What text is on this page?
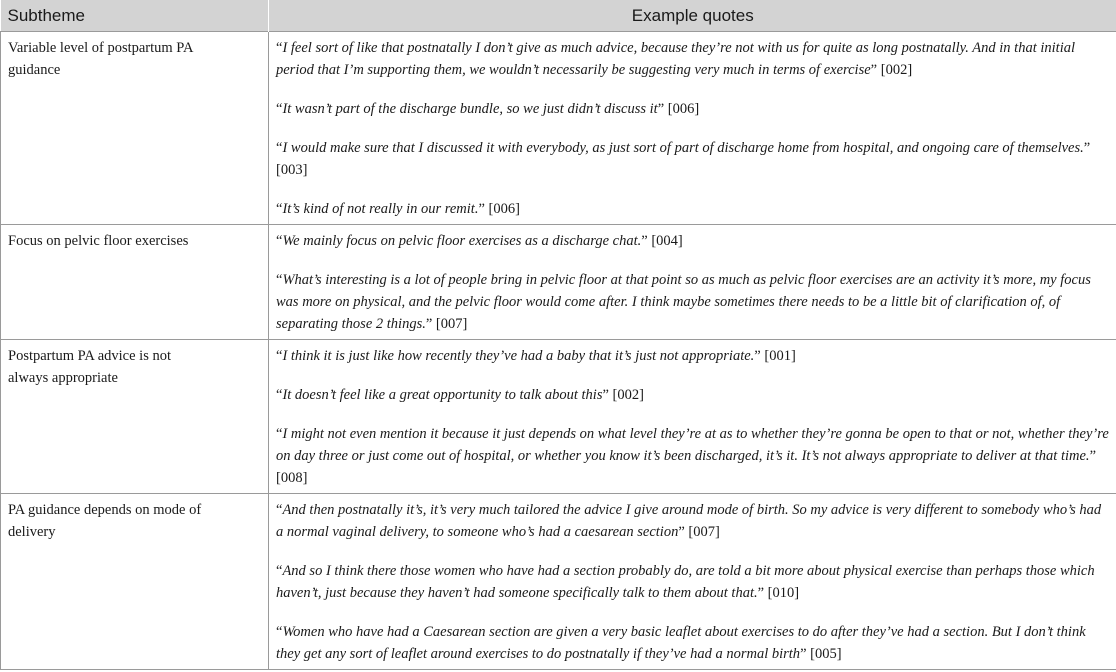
Subtheme	Example quotes

Variable level of postpartum PA guidance	“I feel sort of like that postnatally I don’t give as much advice, because they’re not with us for quite as long postnatally. And in that initial period that I’m supporting them, we wouldn’t necessarily be suggesting very much in terms of exercise” [002]

“It wasn’t part of the discharge bundle, so we just didn’t discuss it” [006]

“I would make sure that I discussed it with everybody, as just sort of part of discharge home from hospital, and ongoing care of themselves.” [003]

“It’s kind of not really in our remit.” [006]

Focus on pelvic floor exercises	“We mainly focus on pelvic floor exercises as a discharge chat.” [004]

“What’s interesting is a lot of people bring in pelvic floor at that point so as much as pelvic floor exercises are an activity it’s more, my focus was more on physical, and the pelvic floor would come after. I think maybe sometimes there needs to be a little bit of clarification of, of separating those 2 things.” [007]

Postpartum PA advice is not always appropriate	“I think it is just like how recently they’ve had a baby that it’s just not appropriate.” [001]

“It doesn’t feel like a great opportunity to talk about this” [002]

“I might not even mention it because it just depends on what level they’re at as to whether they’re gonna be open to that or not, whether they’re on day three or just come out of hospital, or whether you know it’s been discharged, it’s it. It’s not always appropriate to deliver at that time.” [008]

PA guidance depends on mode of delivery	“And then postnatally it’s, it’s very much tailored the advice I give around mode of birth. So my advice is very different to somebody who’s had a normal vaginal delivery, to someone who’s had a caesarean section” [007]

“And so I think there those women who have had a section probably do, are told a bit more about physical exercise than perhaps those which haven’t, just because they haven’t had someone specifically talk to them about that.” [010]

“Women who have had a Caesarean section are given a very basic leaflet about exercises to do after they’ve had a section. But I don’t think they get any sort of leaflet around exercises to do postnatally if they’ve had a normal birth” [005]
